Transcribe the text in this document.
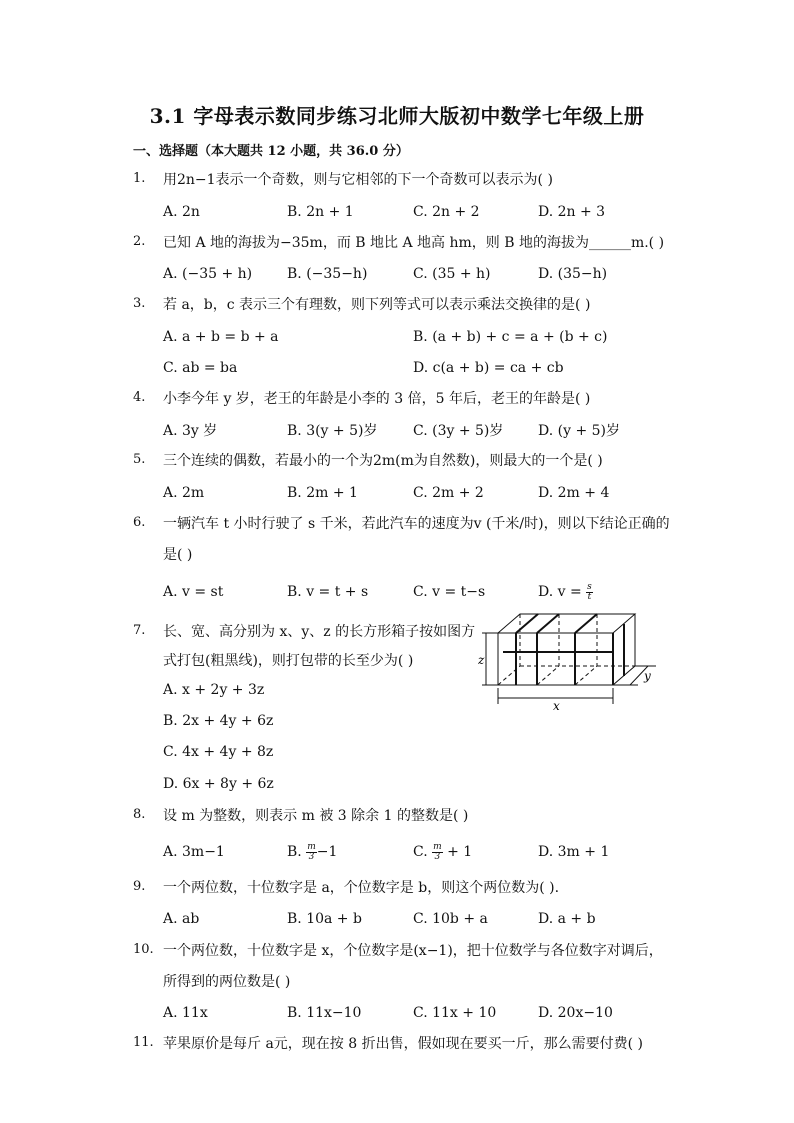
3.1 字母表示数同步练习北师大版初中数学七年级上册
一、选择题（本大题共 12 小题，共 36.0 分）
1. 用2n−1表示一个奇数，则与它相邻的下一个奇数可以表示为( )
A. 2n	B. 2n + 1	C. 2n + 2	D. 2n + 3
2. 已知 A 地的海拔为−35m，而 B 地比 A 地高 hm，则 B 地的海拔为______m.( )
A. (−35 + h) B. (−35−h)	C. (35 + h)	D. (35−h)
3. 若 a，b，c 表示三个有理数，则下列等式可以表示乘法交换律的是( )
A. a + b = b + a	B. (a + b) + c = a + (b + c)
C. ab = ba	D. c(a + b) = ca + cb
4. 小李今年 y 岁，老王的年龄是小李的 3 倍，5 年后，老王的年龄是( )
A. 3y 岁	B. 3(y + 5)岁	C. (3y + 5)岁 D. (y + 5)岁
5. 三个连续的偶数，若最小的一个为2m(m为自然数)，则最大的一个是( )
A. 2m	B. 2m + 1	C. 2m + 2	D. 2m + 4
6. 一辆汽车 t 小时行驶了 s 千米，若此汽车的速度为v (千米/时)，则以下结论正确的
是( )
A. v = st	B. v = t + s	C. v = t−s	D. $v = \frac{s}{t}$
7. 长、宽、高分别为 x、y、z 的长方形箱子按如图方
式打包(粗黑线)，则打包带的长至少为( )
A. x + 2y + 3z
B. 2x + 4y + 6z
C. 4x + 4y + 8z
D. 6x + 8y + 6z
z
y
x
8. 设 m 为整数，则表示 m 被 3 除余 1 的整数是( )
A. 3m−1	B. $\frac{m}{3} -1$	C. $\frac{m}{3} + 1$	D. 3m + 1
9. 一个两位数，十位数字是 a，个位数字是 b，则这个两位数为( ).
A. ab	B. 10a + b	C. 10b + a	D. a + b
10. 一个两位数，十位数字是 x，个位数字是(x−1)，把十位数学与各位数字对调后，
所得到的两位数是( )
A. 11x	B. 11x−10	C. 11x + 10	D. 20x−10
11. 苹果原价是每斤 a元，现在按 8 折出售，假如现在要买一斤，那么需要付费( )
